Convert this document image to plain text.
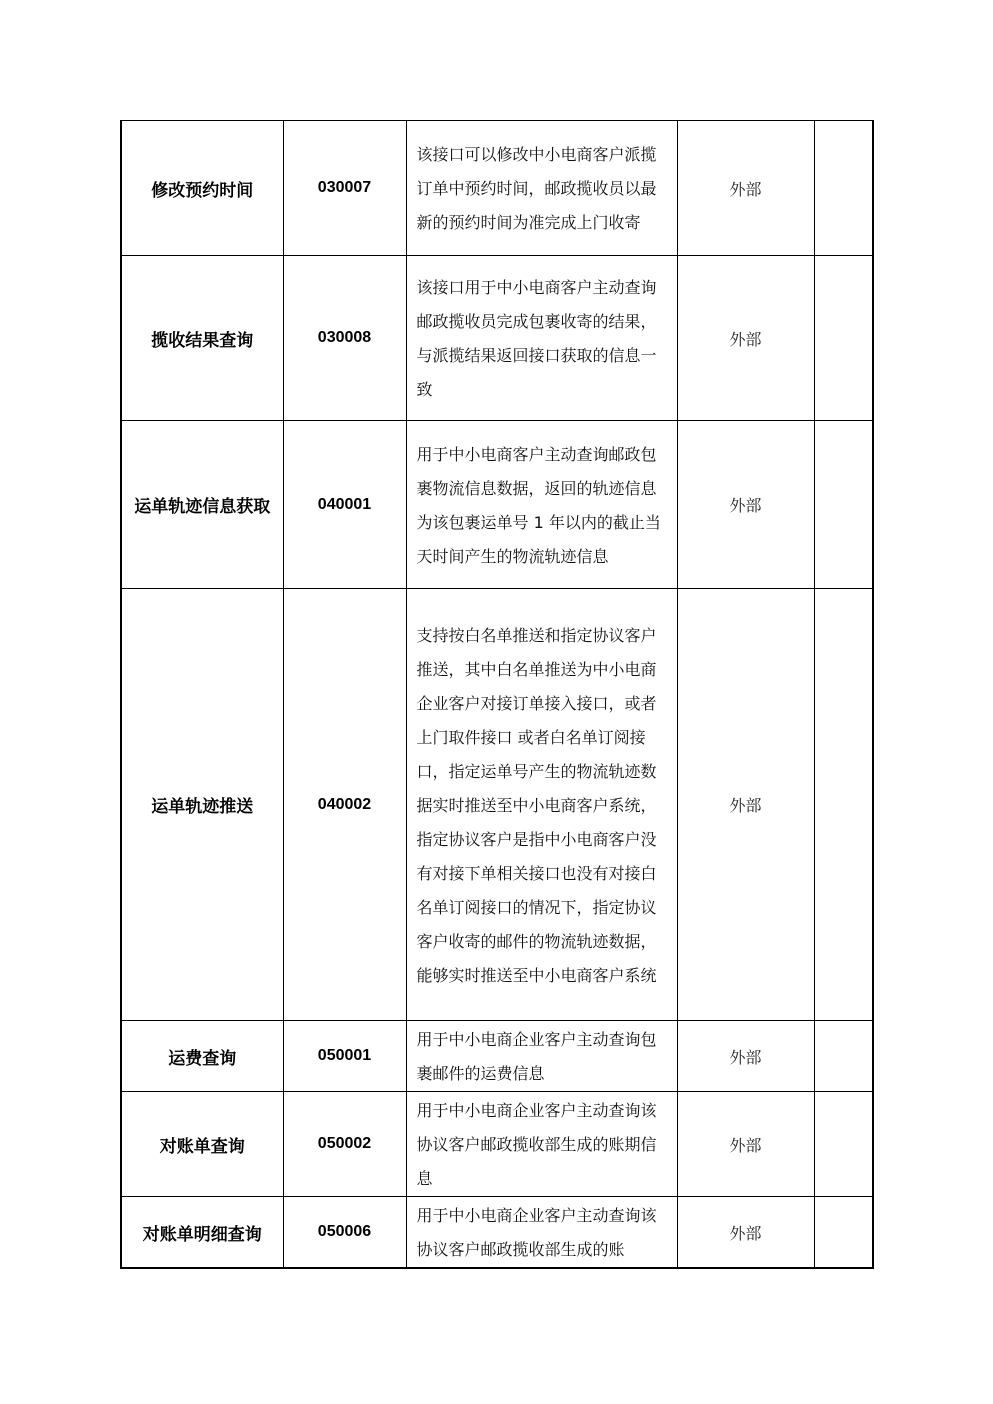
修改预约时间	030007	该接口可以修改中小电商客户派揽订单中预约时间，邮政揽收员以最新的预约时间为准完成上门收寄	外部	
揽收结果查询	030008	该接口用于中小电商客户主动查询邮政揽收员完成包裹收寄的结果，与派揽结果返回接口获取的信息一致	外部	
运单轨迹信息获取	040001	用于中小电商客户主动查询邮政包裹物流信息数据，返回的轨迹信息为该包裹运单号 1 年以内的截止当天时间产生的物流轨迹信息	外部	
运单轨迹推送	040002	支持按白名单推送和指定协议客户推送，其中白名单推送为中小电商企业客户对接订单接入接口，或者上门取件接口 或者白名单订阅接口，指定运单号产生的物流轨迹数据实时推送至中小电商客户系统，指定协议客户是指中小电商客户没有对接下单相关接口也没有对接白名单订阅接口的情况下，指定协议客户收寄的邮件的物流轨迹数据，能够实时推送至中小电商客户系统	外部	
运费查询	050001	用于中小电商企业客户主动查询包裹邮件的运费信息	外部	
对账单查询	050002	用于中小电商企业客户主动查询该协议客户邮政揽收部生成的账期信息	外部	
对账单明细查询	050006	用于中小电商企业客户主动查询该协议客户邮政揽收部生成的账	外部	
